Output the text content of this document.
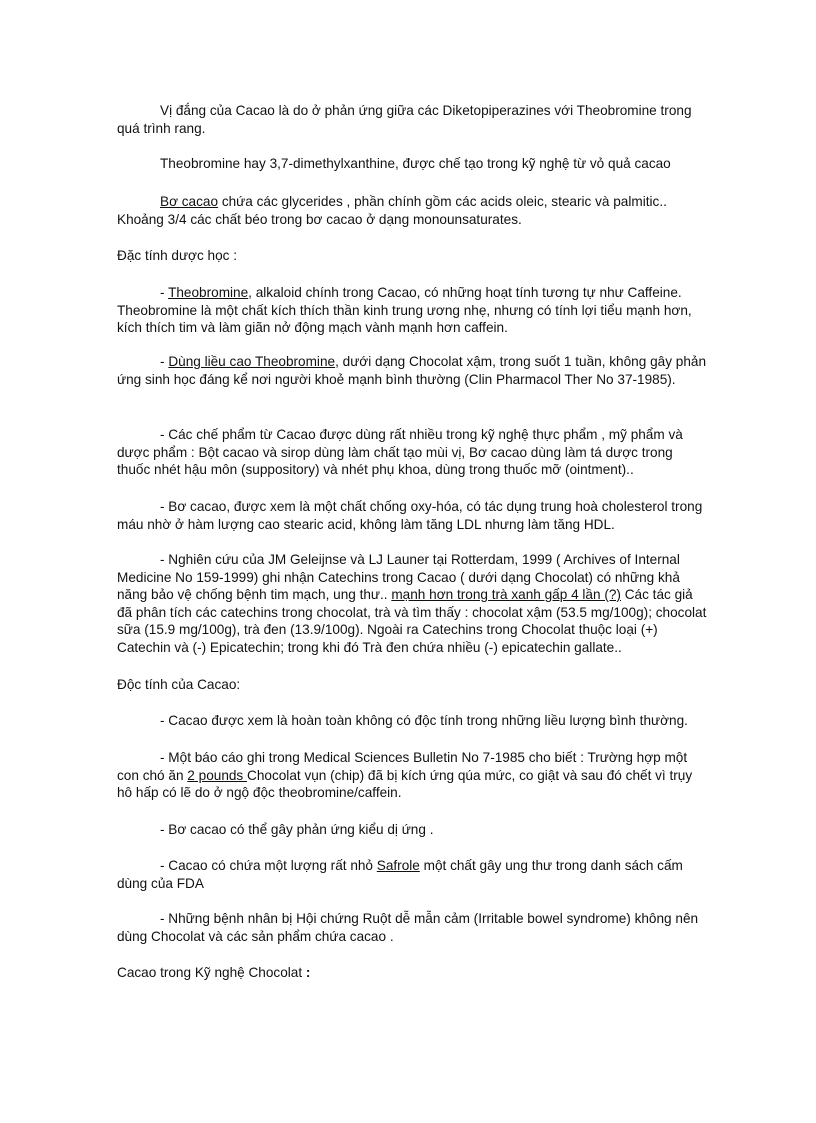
Vị đắng của Cacao là do ở phản ứng giữa các Diketopiperazines với Theobromine trong quá trình rang.

Theobromine hay 3,7-dimethylxanthine, được chế tạo trong kỹ nghệ từ vỏ quả cacao

Bơ cacao chứa các glycerides , phần chính gồm các acids oleic, stearic và palmitic.. Khoảng 3/4 các chất béo trong bơ cacao ở dạng monounsaturates.

Đặc tính dược học :

- Theobromine, alkaloid chính trong Cacao, có những hoạt tính tương tự như Caffeine. Theobromine là một chất kích thích thần kinh trung ương nhẹ, nhưng có tính lợi tiểu mạnh hơn, kích thích tim và làm giãn nở động mạch vành mạnh hơn caffein.

- Dùng liều cao Theobromine, dưới dạng Chocolat xậm, trong suốt 1 tuần, không gây phản ứng sinh học đáng kể nơi người khoẻ mạnh bình thường (Clin Pharmacol Ther No 37-1985).

- Các chế phẩm từ Cacao được dùng rất nhiều trong kỹ nghệ thực phẩm , mỹ phẩm và dược phẩm : Bột cacao và sirop dùng làm chất tạo mùi vị, Bơ cacao dùng làm tá dược trong thuốc nhét hậu môn (suppository) và nhét phụ khoa, dùng trong thuốc mỡ (ointment)..

- Bơ cacao, được xem là một chất chống oxy-hóa, có tác dụng trung hoà cholesterol trong máu nhờ ở hàm lượng cao stearic acid, không làm tăng LDL nhưng làm tăng HDL.

- Nghiên cứu của JM Geleijnse và LJ Launer tại Rotterdam, 1999 ( Archives of Internal Medicine No 159-1999) ghi nhận Catechins trong Cacao ( dưới dạng Chocolat) có những khả năng bảo vệ chống bệnh tim mạch, ung thư.. mạnh hơn trong trà xanh gấp 4 lần (?) Các tác giả đã phân tích các catechins trong chocolat, trà và tìm thấy : chocolat xậm (53.5 mg/100g); chocolat sữa (15.9 mg/100g), trà đen (13.9/100g). Ngoài ra Catechins trong Chocolat thuộc loại (+) Catechin và (-) Epicatechin; trong khi đó Trà đen chứa nhiều (-) epicatechin gallate..

Độc tính của Cacao:

- Cacao được xem là hoàn toàn không có độc tính trong những liều lượng bình thường.

- Một báo cáo ghi trong Medical Sciences Bulletin No 7-1985 cho biết : Trường hợp một con chó ăn 2 pounds Chocolat vụn (chip) đã bị kích ứng qúa mức, co giật và sau đó chết vì trụy hô hấp có lẽ do ở ngộ độc theobromine/caffein.

- Bơ cacao có thể gây phản ứng kiểu dị ứng .

- Cacao có chứa một lượng rất nhỏ Safrole một chất gây ung thư trong danh sách cấm dùng của FDA

- Những bệnh nhân bị Hội chứng Ruột dễ mẫn cảm (Irritable bowel syndrome) không nên dùng Chocolat và các sản phẩm chứa cacao .

Cacao trong Kỹ nghệ Chocolat :
